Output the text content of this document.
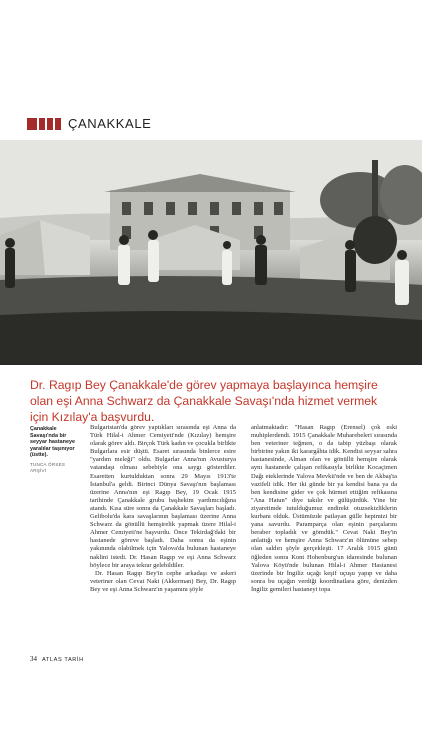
ÇANAKKALE
Dr. Ragıp Bey Çanakkale'de görev yapmaya başlayınca hemşire olan eşi Anna Schwarz da Çanakkale Savaşı'nda hizmet vermek için Kızılay'a başvurdu.
Çanakkale Savaşı'nda bir seyyar hastaneye yaralılar taşınıyor (üstte).
TUNCA ÖRSES ARŞİVİ

Bulgaristan'da görev yaptıkları sırasında eşi Anna da Türk Hilal-i Ahmer Cemiyeti'nde (Kızılay) hemşire olarak görev aldı. Birçok Türk kadın ve çocukla birlikte Bulgarlara esir düştü. Esaret sırasında binlerce esire "yardım meleği" oldu. Bulgarlar Anna'nın Avusturya vatandaşı olması sebebiyle ona saygı gösterdiler. Esaretten kurtulduktan sonra 29 Mayıs 1913'te İstanbul'a geldi. Birinci Dünya Savaşı'nın başlaması üzerine Anna'nın eşi Ragıp Bey, 19 Ocak 1915 tarihinde Çanakkale grubu başhekim yardımcılığına atandı. Kısa süre sonra da Çanakkale Savaşları başladı. Gelibolu'da kara savaşlarının başlaması üzerine Anna Schwarz da gönüllü hemşirelik yapmak üzere Hilal-i Ahmer Cemiyeti'ne başvurdu. Önce Tekirdağ'daki bir hastanede göreve başladı. Daha sonra da eşinin yakınında olabilmek için Yalova'da bulunan hastaneye naklini istedi. Dr. Hasan Ragıp ve eşi Anna Schwarz böylece bir araya tekrar gelebildiler.

Dr. Hasan Ragıp Bey'in cephe arkadaşı ve askeri veteriner olan Cevat Naki (Akkerman) Bey, Dr. Ragıp Bey ve eşi Anna Schwarz'ın yaşamını şöyle

anlatmaktadır: "Hasan Ragıp (Erensel) çok eski muhiplerdendi. 1915 Çanakkale Muharebeleri sırasında ben veteriner teğmen, o da tabip yüzbaşı olarak birbirine yakın iki karargâhta idik. Kendisi seyyar sahra hastanesinde, Alman olan ve gönüllü hemşire olarak aynı hastanede çalışan refikasıyla birlikte Kocaçimen Dağı eteklerinde Yalova Mevkii'nde ve ben de Akbaş'ta vazifeli idik. Her iki günde bir ya kendisi bana ya da ben kendisine gider ve çok hürmet ettiğim refikasına "Ana Hatun" diye takılır ve gülüşürdük. Yine bir ziyaretimde tutulduğumuz endirekt otuzsekizliklerin kurbanı olduk. Üstümüzde patlayan gülle hepimizi bir yana savurdu. Paramparça olan eşinin parçalarını beraber topladık ve gömdük." Cevat Naki Bey'in anlattığı ve hemşire Anna Schwarz'ın ölümüne sebep olan saldırı şöyle gerçekleşti. 17 Aralık 1915 günü öğleden sonra Kont Hohenburg'un idaresinde bulunan Yalova Köyü'nde bulunan Hilal-i Ahmer Hastanesi üzerinde bir İngiliz uçağı keşif uçuşu yapıp ve daha sonra bu uçağın verdiği koordinatlara göre, denizden İngiliz gemileri hastaneyi topa

34 ATLAS TARİH
